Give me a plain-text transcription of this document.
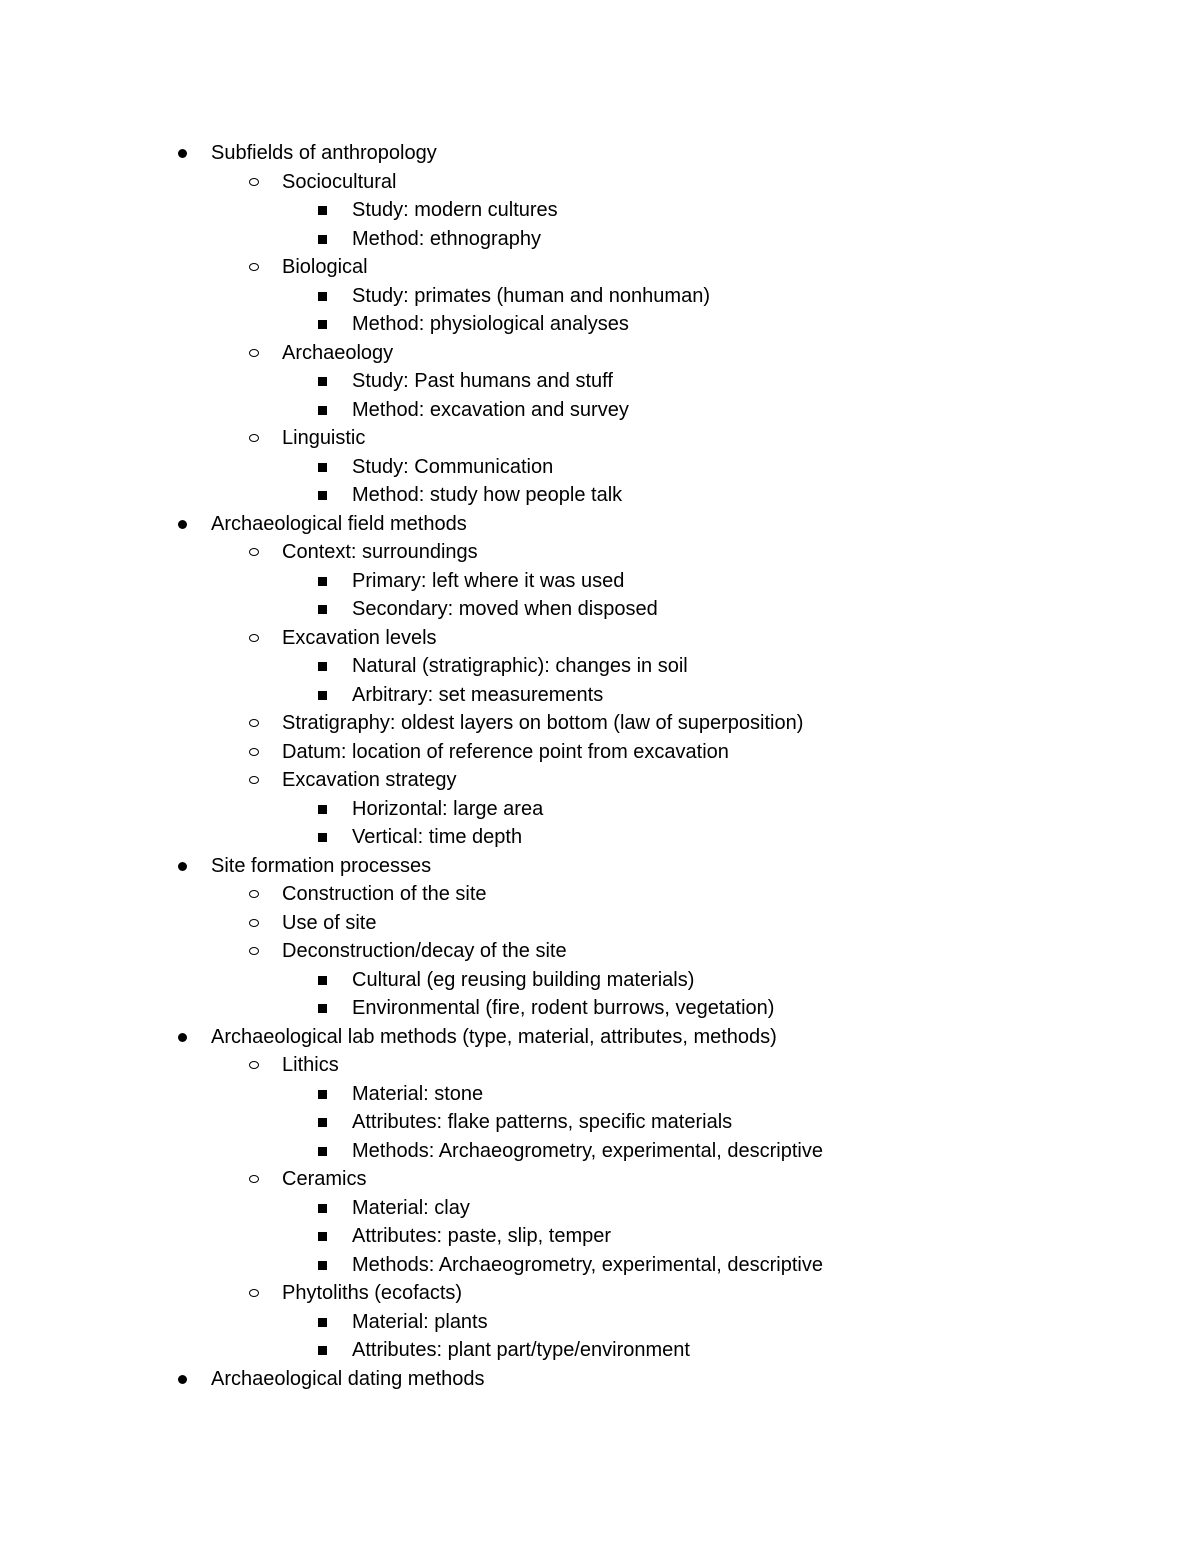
Subfields of anthropology
Sociocultural
Study: modern cultures
Method: ethnography
Biological
Study: primates (human and nonhuman)
Method: physiological analyses
Archaeology
Study: Past humans and stuff
Method: excavation and survey
Linguistic
Study: Communication
Method: study how people talk
Archaeological field methods
Context: surroundings
Primary: left where it was used
Secondary: moved when disposed
Excavation levels
Natural (stratigraphic): changes in soil
Arbitrary: set measurements
Stratigraphy: oldest layers on bottom (law of superposition)
Datum: location of reference point from excavation
Excavation strategy
Horizontal: large area
Vertical: time depth
Site formation processes
Construction of the site
Use of site
Deconstruction/decay of the site
Cultural (eg reusing building materials)
Environmental (fire, rodent burrows, vegetation)
Archaeological lab methods (type, material, attributes, methods)
Lithics
Material: stone
Attributes: flake patterns, specific materials
Methods: Archaeogrometry, experimental, descriptive
Ceramics
Material: clay
Attributes: paste, slip, temper
Methods: Archaeogrometry, experimental, descriptive
Phytoliths (ecofacts)
Material: plants
Attributes: plant part/type/environment
Archaeological dating methods
